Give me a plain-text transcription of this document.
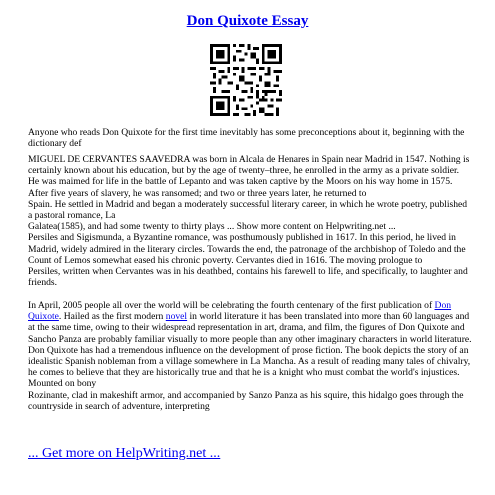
Don Quixote Essay

Anyone who reads Don Quixote for the first time inevitably has some preconceptions about it, beginning with the dictionary def

MIGUEL DE CERVANTES SAAVEDRA was born in Alcala de Henares in Spain near Madrid in 1547. Nothing is certainly known about his education, but by the age of twenty–three, he enrolled in the army as a private soldier. He was maimed for life in the battle of Lepanto and was taken captive by the Moors on his way home in 1575. After five years of slavery, he was ransomed; and two or three years later, he returned to
Spain. He settled in Madrid and began a moderately successful literary career, in which he wrote poetry, published a pastoral romance, La
Galatea(1585), and had some twenty to thirty plays ... Show more content on Helpwriting.net ...
Persiles and Sigismunda, a Byzantine romance, was posthumously published in 1617. In this period, he lived in Madrid, widely admired in the literary circles. Towards the end, the patronage of the archbishop of Toledo and the Count of Lemos somewhat eased his chronic poverty. Cervantes died in 1616. The moving prologue to
Persiles, written when Cervantes was in his deathbed, contains his farewell to life, and specifically, to laughter and friends.

In April, 2005 people all over the world will be celebrating the fourth centenary of the first publication of Don Quixote. Hailed as the first modern novel in world literature it has been translated into more than 60 languages and at the same time, owing to their widespread representation in art, drama, and film, the figures of Don Quixote and
Sancho Panza are probably familiar visually to more people than any other imaginary characters in world literature. Don Quixote has had a tremendous influence on the development of prose fiction. The book depicts the story of an idealistic Spanish nobleman from a village somewhere in La Mancha. As a result of reading many tales of chivalry, he comes to believe that they are historically true and that he is a knight who must combat the world's injustices. Mounted on bony
Rozinante, clad in makeshift armor, and accompanied by Sanzo Panza as his squire, this hidalgo goes through the countryside in search of adventure, interpreting

... Get more on HelpWriting.net ...
